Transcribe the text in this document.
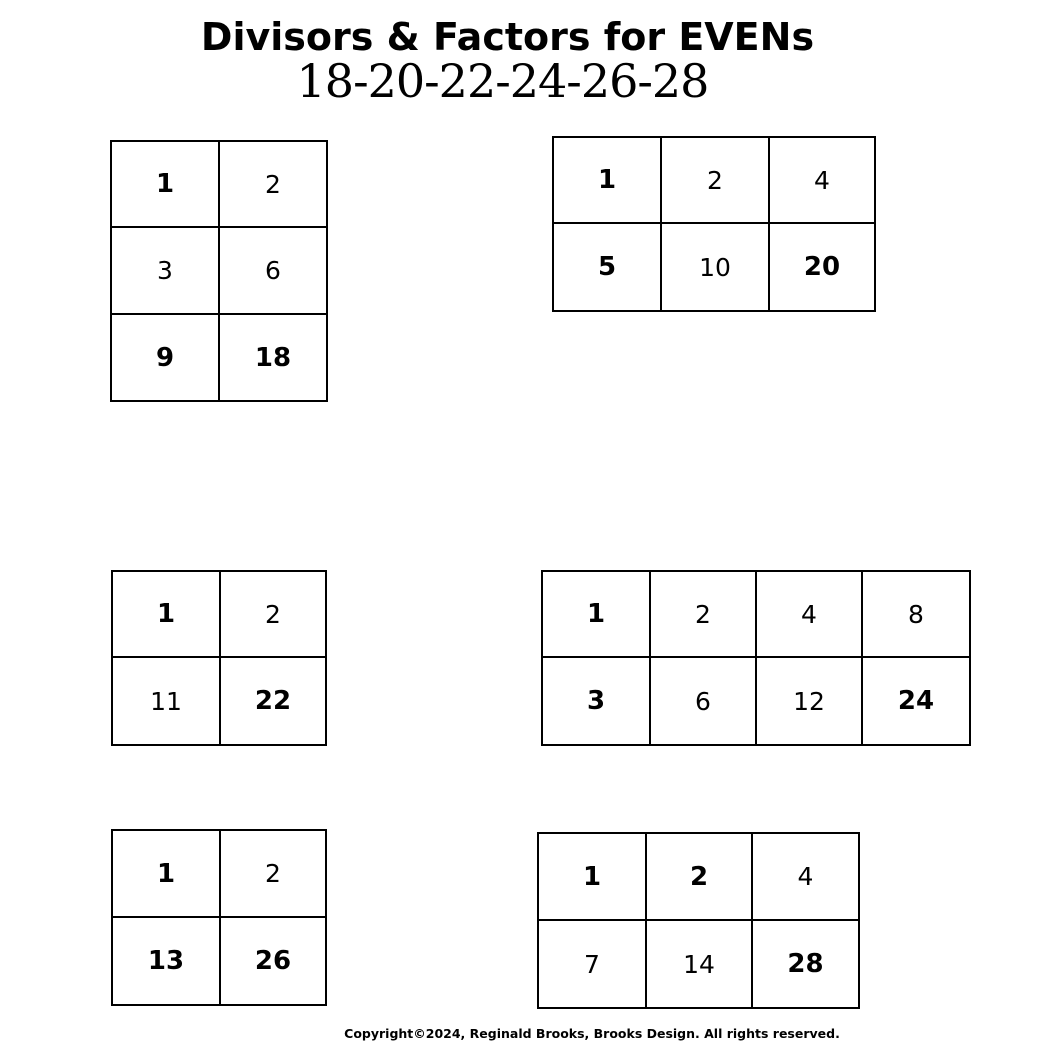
Divisors & Factors for EVENs
18-20-22-24-26-28
1	2
3	6
9	18
1	2	4
5	10	20
1	2
11	22
1	2	4	8
3	6	12	24
1	2
13	26
1	2	4
7	14	28
Copyright©2024, Reginald Brooks, Brooks Design. All rights reserved.
